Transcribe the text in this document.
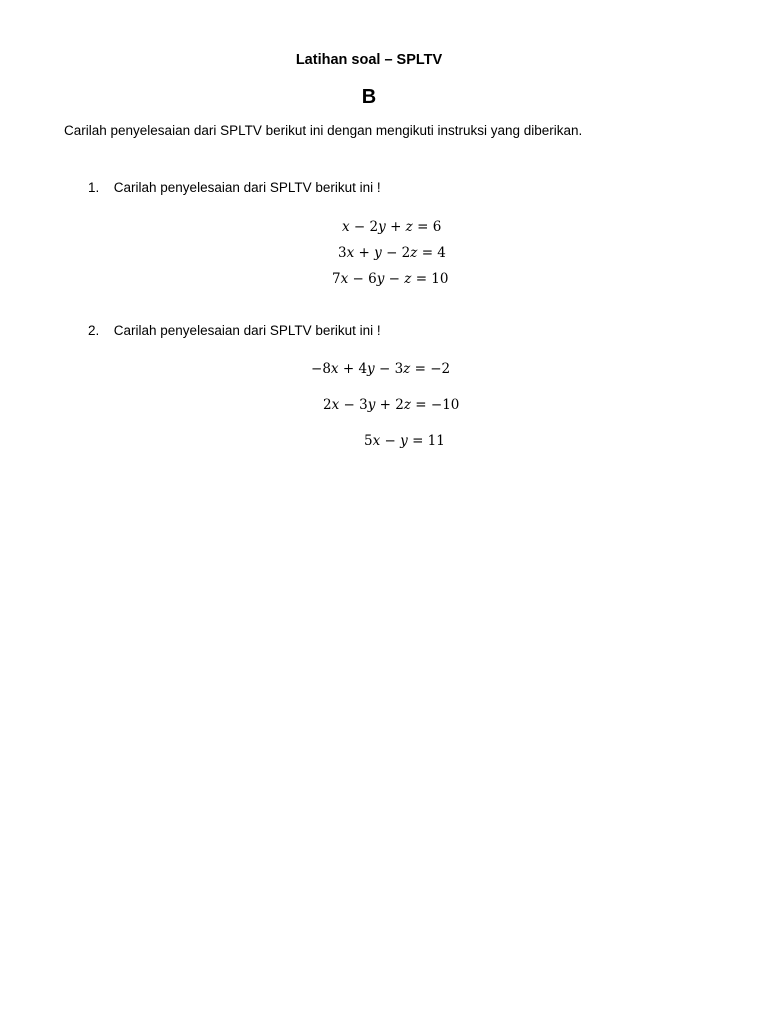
Latihan soal – SPLTV
B
Carilah penyelesaian dari SPLTV berikut ini dengan mengikuti instruksi yang diberikan.
1. Carilah penyelesaian dari SPLTV berikut ini !
x − 2y + z = 6
3x + y − 2z = 4
7x − 6y − z = 10
2. Carilah penyelesaian dari SPLTV berikut ini !
−8x + 4y − 3z = −2
2x − 3y + 2z = −10
5x − y = 11
